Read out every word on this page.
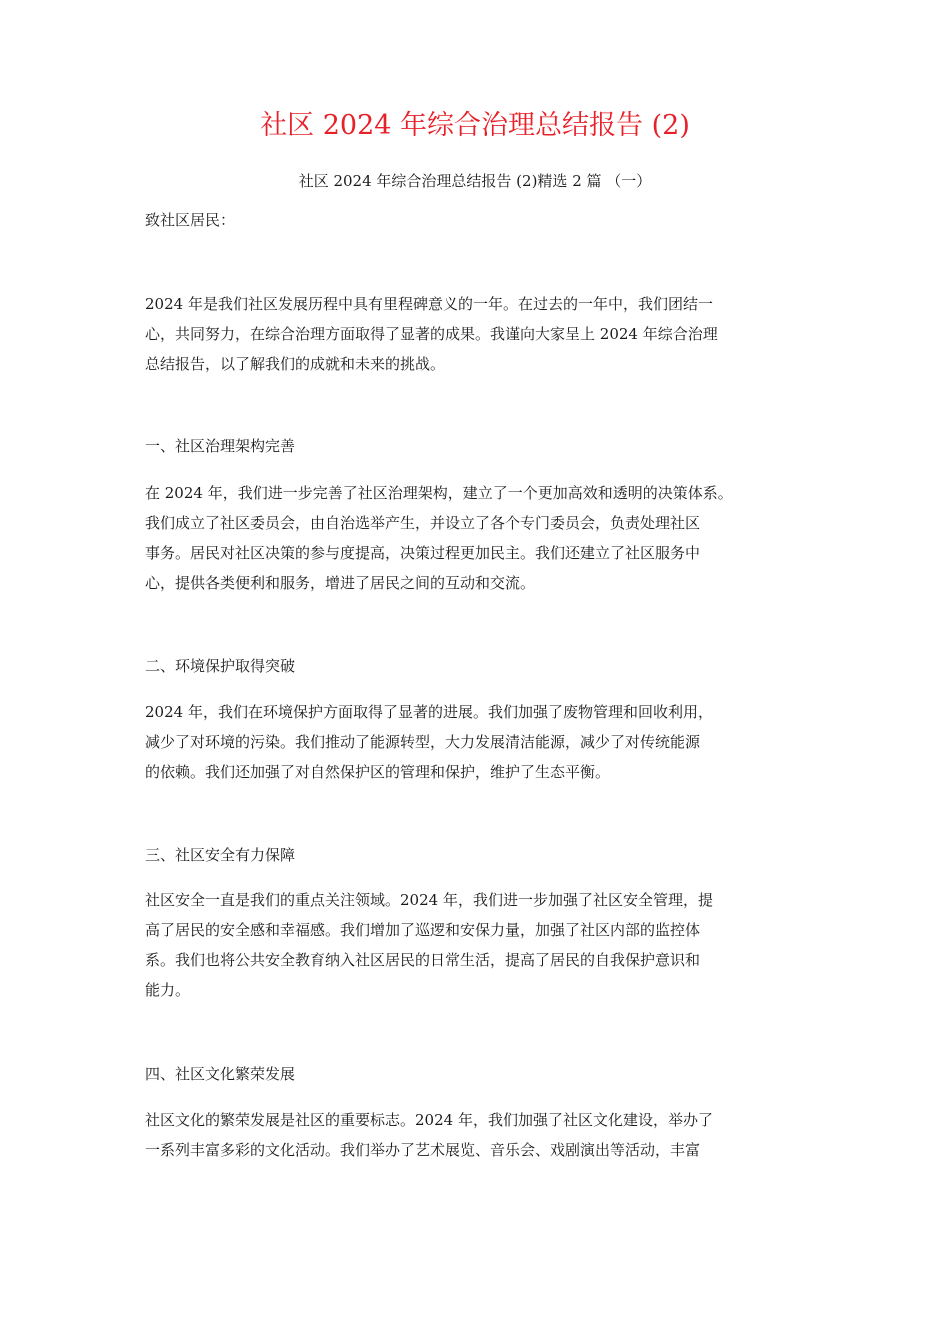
社区 2024 年综合治理总结报告 (2)
社区 2024 年综合治理总结报告 (2)精选 2 篇 （一）
致社区居民：
2024 年是我们社区发展历程中具有里程碑意义的一年。在过去的一年中，我们团结一
心，共同努力，在综合治理方面取得了显著的成果。我谨向大家呈上 2024 年综合治理
总结报告，以了解我们的成就和未来的挑战。
一、社区治理架构完善
在 2024 年，我们进一步完善了社区治理架构，建立了一个更加高效和透明的决策体系。
我们成立了社区委员会，由自治选举产生，并设立了各个专门委员会，负责处理社区
事务。居民对社区决策的参与度提高，决策过程更加民主。我们还建立了社区服务中
心，提供各类便利和服务，增进了居民之间的互动和交流。
二、环境保护取得突破
2024 年，我们在环境保护方面取得了显著的进展。我们加强了废物管理和回收利用，
减少了对环境的污染。我们推动了能源转型，大力发展清洁能源，减少了对传统能源
的依赖。我们还加强了对自然保护区的管理和保护，维护了生态平衡。
三、社区安全有力保障
社区安全一直是我们的重点关注领域。2024 年，我们进一步加强了社区安全管理，提
高了居民的安全感和幸福感。我们增加了巡逻和安保力量，加强了社区内部的监控体
系。我们也将公共安全教育纳入社区居民的日常生活，提高了居民的自我保护意识和
能力。
四、社区文化繁荣发展
社区文化的繁荣发展是社区的重要标志。2024 年，我们加强了社区文化建设，举办了
一系列丰富多彩的文化活动。我们举办了艺术展览、音乐会、戏剧演出等活动，丰富
